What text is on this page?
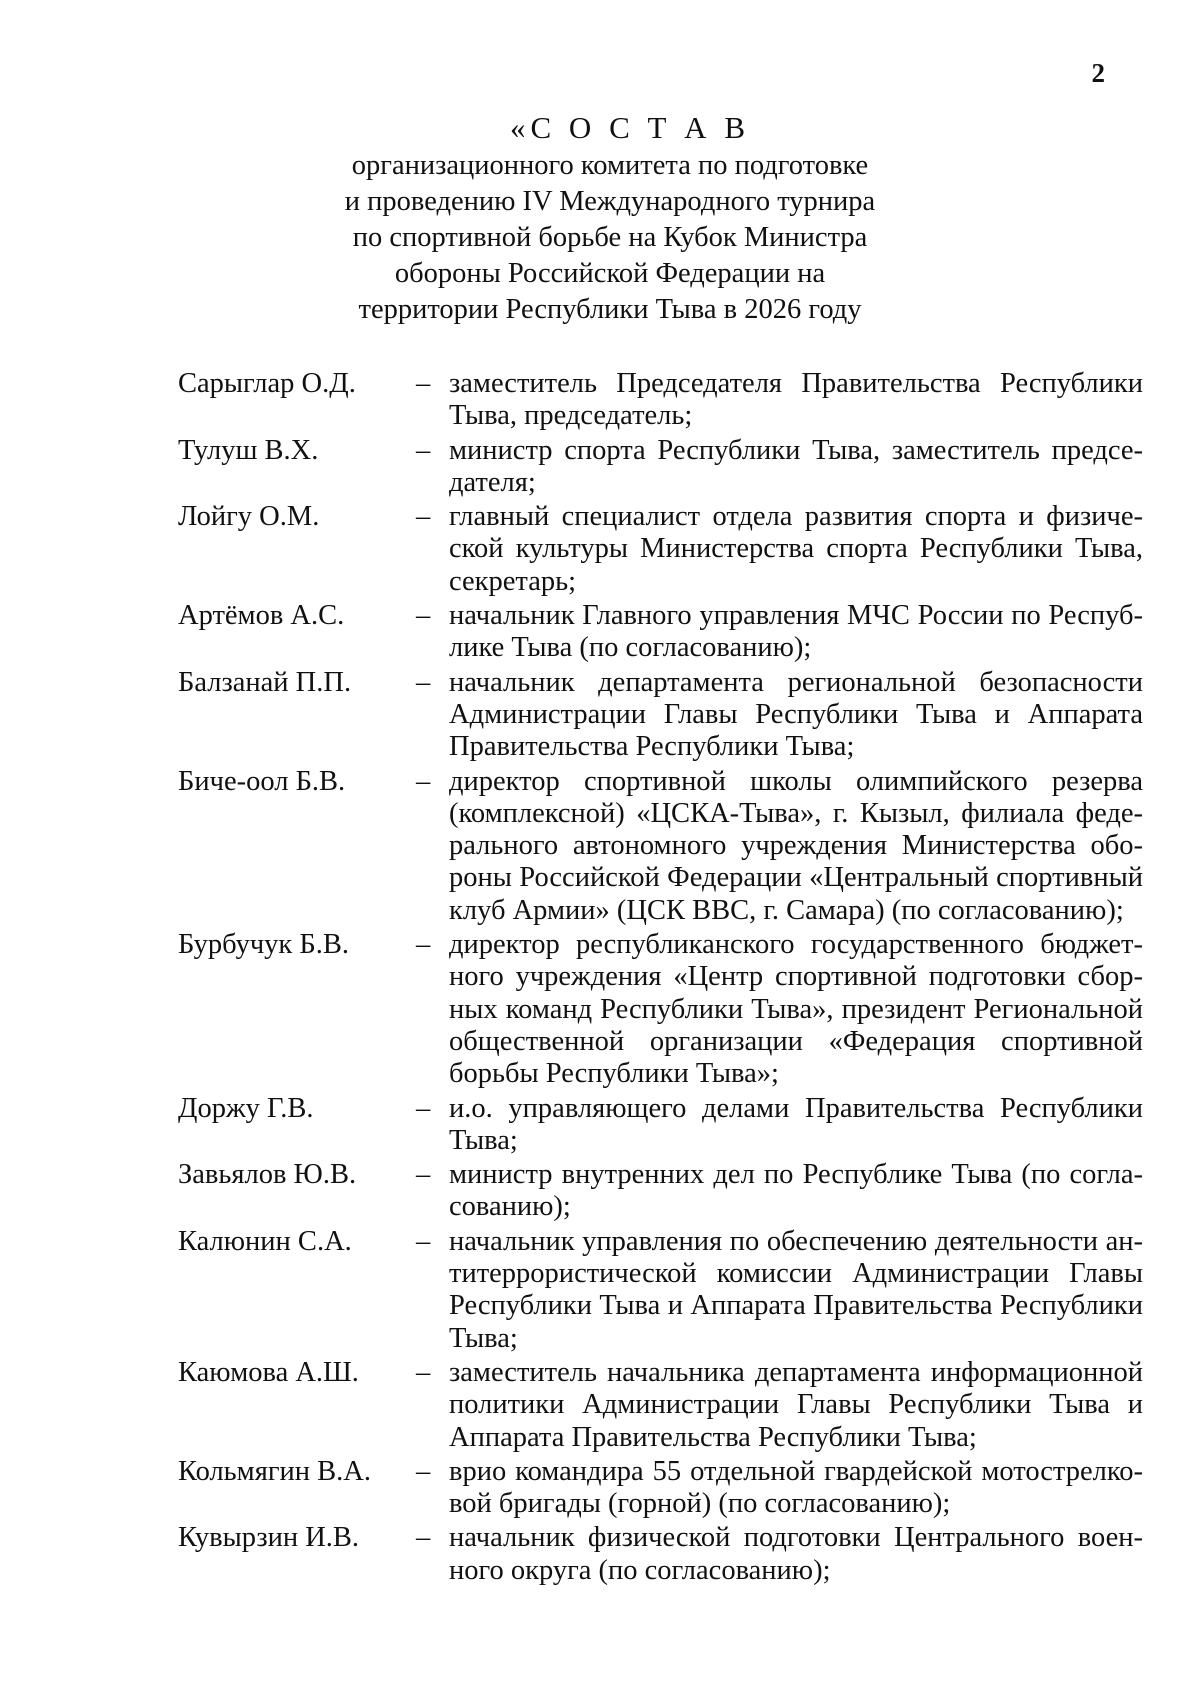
2
«С О С Т А В
организационного комитета по подготовке
и проведению IV Международного турнира
по спортивной борьбе на Кубок Министра
обороны Российской Федерации на
территории Республики Тыва в 2026 году
Сарыглар О.Д.	– заместитель Председателя Правительства Республики
Тыва, председатель;
Тулуш В.Х.	– министр спорта Республики Тыва, заместитель предсе-
дателя;
Лойгу О.М.	– главный специалист отдела развития спорта и физиче-
ской культуры Министерства спорта Республики Тыва,
секретарь;
Артёмов А.С.	– начальник Главного управления МЧС России по Респуб-
лике Тыва (по согласованию);
Балзанай П.П.	– начальник департамента региональной безопасности
Администрации Главы Республики Тыва и Аппарата
Правительства Республики Тыва;
Биче-оол Б.В.	– директор спортивной школы олимпийского резерва
(комплексной) «ЦСКА-Тыва», г. Кызыл, филиала феде-
рального автономного учреждения Министерства обо-
роны Российской Федерации «Центральный спортивный
клуб Армии» (ЦСК ВВС, г. Самара) (по согласованию);
Бурбучук Б.В.	– директор республиканского государственного бюджет-
ного учреждения «Центр спортивной подготовки сбор-
ных команд Республики Тыва», президент Региональной
общественной организации «Федерация спортивной
борьбы Республики Тыва»;
Доржу Г.В.	– и.о. управляющего делами Правительства Республики
Тыва;
Завьялов Ю.В.	– министр внутренних дел по Республике Тыва (по согла-
сованию);
Калюнин С.А.	– начальник управления по обеспечению деятельности ан-
титеррористической комиссии Администрации Главы
Республики Тыва и Аппарата Правительства Республики
Тыва;
Каюмова А.Ш.	– заместитель начальника департамента информационной
политики Администрации Главы Республики Тыва и
Аппарата Правительства Республики Тыва;
Кольмягин В.А.	– врио командира 55 отдельной гвардейской мотострелко-
вой бригады (горной) (по согласованию);
Кувырзин И.В.	– начальник физической подготовки Центрального воен-
ного округа (по согласованию);
